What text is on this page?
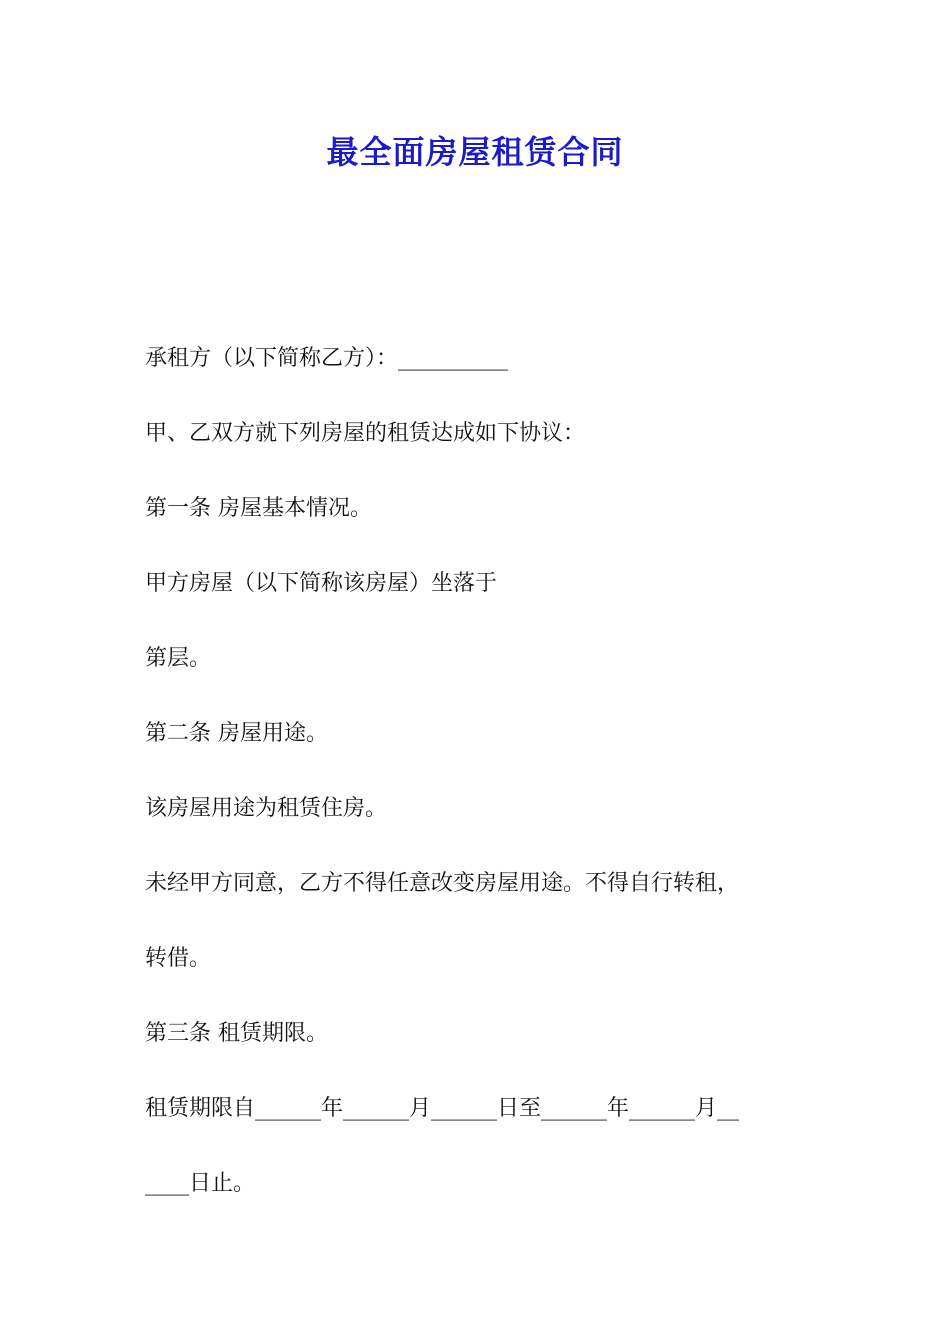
最全面房屋租赁合同

承租方（以下简称乙方）：__________

甲、乙双方就下列房屋的租赁达成如下协议：

第一条 房屋基本情况。

甲方房屋（以下简称该房屋）坐落于

第层。

第二条 房屋用途。

该房屋用途为租赁住房。

未经甲方同意，乙方不得任意改变房屋用途。不得自行转租，

转借。

第三条 租赁期限。

租赁期限自______年______月______日至______年______月__

____日止。
